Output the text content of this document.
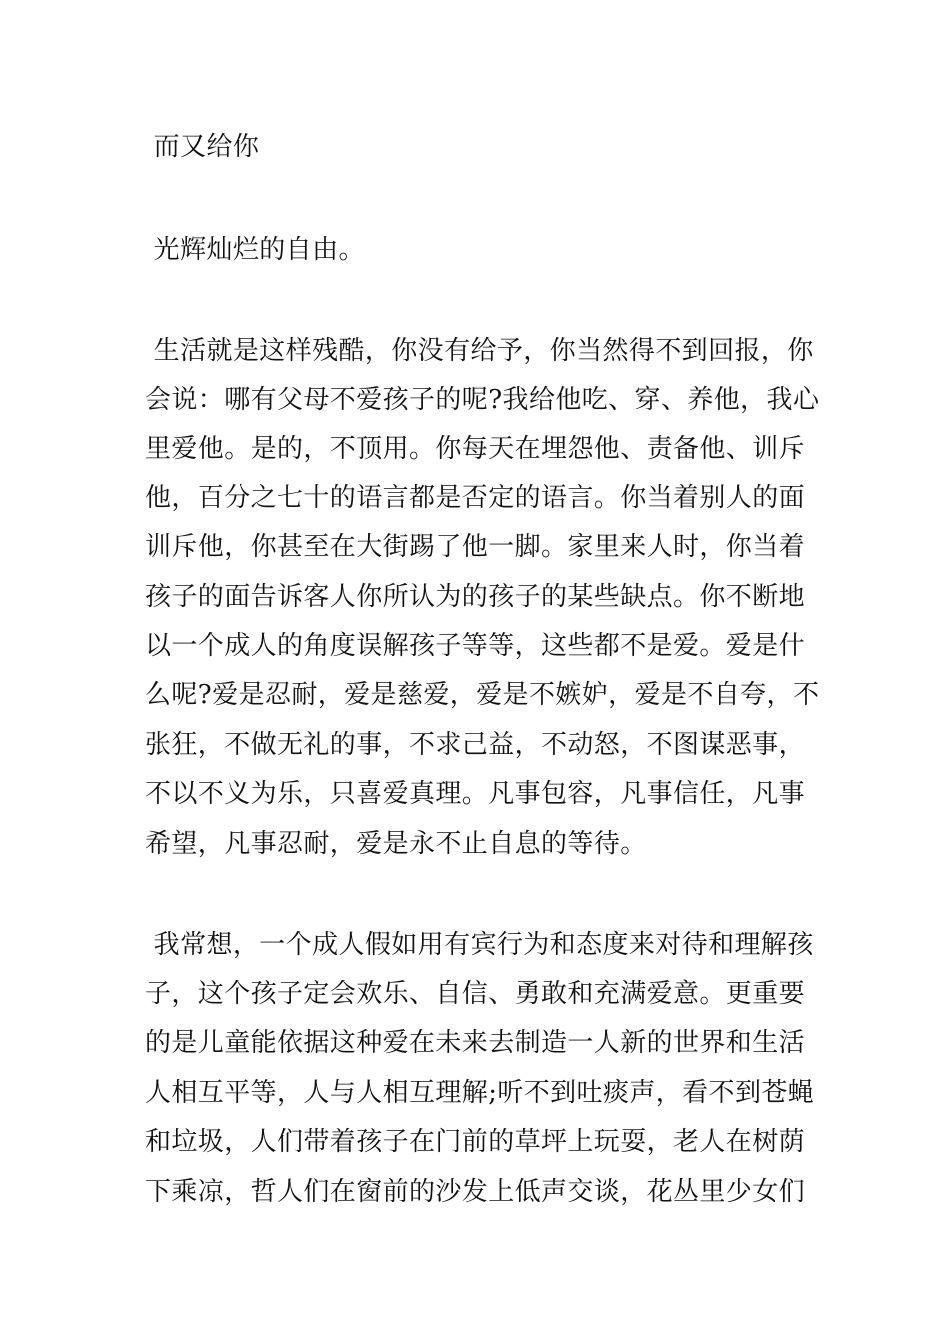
而又给你
光辉灿烂的自由。
生活就是这样残酷，你没有给予，你当然得不到回报，你
会说：哪有父母不爱孩子的呢?我给他吃、穿、养他，我心
里爱他。是的，不顶用。你每天在埋怨他、责备他、训斥
他，百分之七十的语言都是否定的语言。你当着别人的面
训斥他，你甚至在大街踢了他一脚。家里来人时，你当着
孩子的面告诉客人你所认为的孩子的某些缺点。你不断地
以一个成人的角度误解孩子等等，这些都不是爱。爱是什
么呢?爱是忍耐，爱是慈爱，爱是不嫉妒，爱是不自夸，不
张狂，不做无礼的事，不求己益，不动怒，不图谋恶事，
不以不义为乐，只喜爱真理。凡事包容，凡事信任，凡事
希望，凡事忍耐，爱是永不止自息的等待。
我常想，一个成人假如用有宾行为和态度来对待和理解孩
子，这个孩子定会欢乐、自信、勇敢和充满爱意。更重要
的是儿童能依据这种爱在未来去制造一人新的世界和生活
人相互平等，人与人相互理解;听不到吐痰声，看不到苍蝇
和垃圾，人们带着孩子在门前的草坪上玩耍，老人在树荫
下乘凉，哲人们在窗前的沙发上低声交谈，花丛里少女们
